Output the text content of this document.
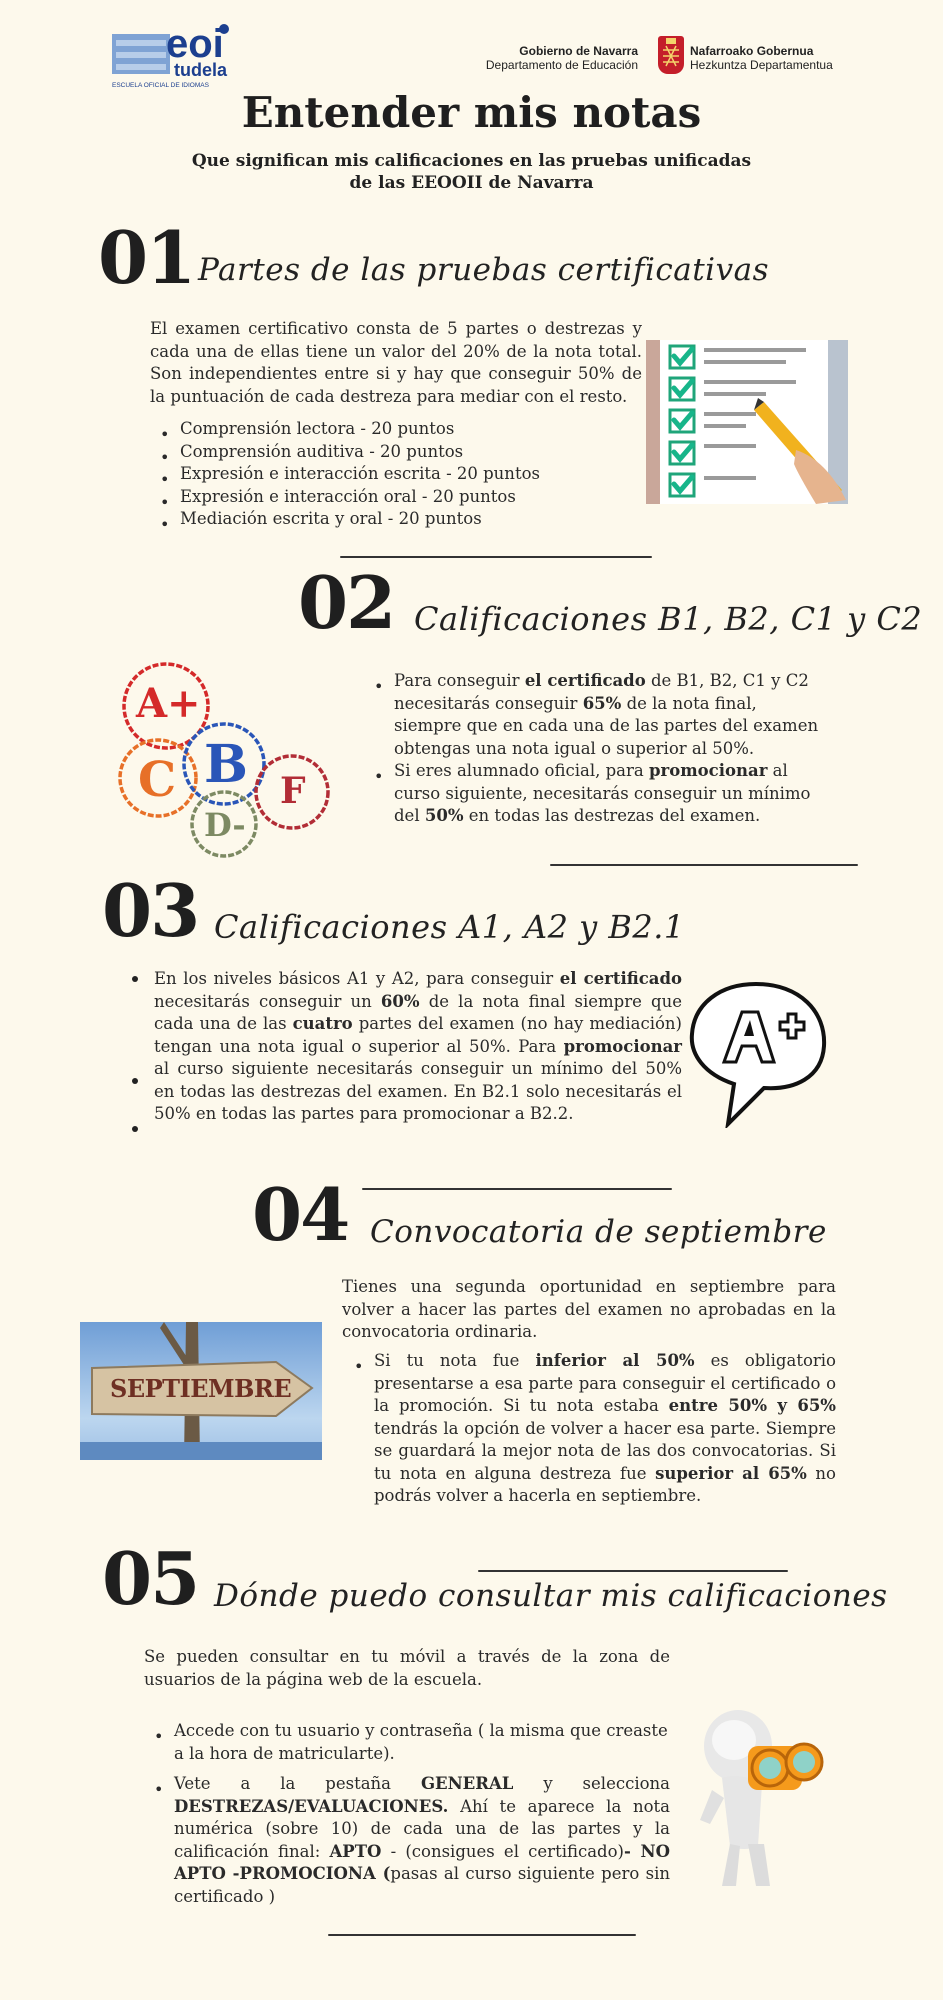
eoi
tudela
ESCUELA OFICIAL DE IDIOMAS
Gobierno de Navarra
Departamento de Educación
Nafarroako Gobernua
Hezkuntza Departamentua
Entender mis notas
Que significan mis calificaciones en las pruebas unificadas
de las EEOOII de Navarra
01 Partes de las pruebas certificativas
El examen certificativo consta de 5 partes o destrezas y cada una de ellas tiene un valor del 20% de la nota total. Son independientes entre si y hay que conseguir 50% de la puntuación de cada destreza para mediar con el resto.
• Comprensión lectora - 20 puntos
• Comprensión auditiva - 20 puntos
• Expresión e interacción escrita - 20 puntos
• Expresión e interacción oral - 20 puntos
• Mediación escrita y oral - 20 puntos
02 Calificaciones B1, B2, C1 y C2
A+
C B F
D-
• Para conseguir el certificado de B1, B2, C1 y C2
necesitarás conseguir 65% de la nota final,
siempre que en cada una de las partes del examen obtengas una nota igual o superior al 50%.
• Si eres alumnado oficial, para promocionar al curso siguiente, necesitarás conseguir un mínimo del 50% en todas las destrezas del examen.
03 Calificaciones A1, A2 y B2.1
En los niveles básicos A1 y A2, para conseguir el certificado necesitarás conseguir un 60% de la nota final siempre que cada una de las cuatro partes del examen (no hay mediación) tengan una nota igual o superior al 50%. Para promocionar al curso siguiente necesitarás conseguir un mínimo del 50% en todas las destrezas del examen. En B2.1 solo necesitarás el 50% en todas las partes para promocionar a B2.2.
04 Convocatoria de septiembre
Tienes una segunda oportunidad en septiembre para volver a hacer las partes del examen no aprobadas en la convocatoria ordinaria.
• Si tu nota fue inferior al 50% es obligatorio presentarse a esa parte para conseguir el certificado o la promoción. Si tu nota estaba entre 50% y 65% tendrás la opción de volver a hacer esa parte. Siempre se guardará la mejor nota de las dos convocatorias. Si tu nota en alguna destreza fue superior al 65% no podrás volver a hacerla en septiembre.
SEPTIEMBRE
05 Dónde puedo consultar mis calificaciones
Se pueden consultar en tu móvil a través de la zona de usuarios de la página web de la escuela.
• Accede con tu usuario y contraseña ( la misma que creaste a la hora de matricularte).
• Vete a la pestaña GENERAL y selecciona DESTREZAS/EVALUACIONES. Ahí te aparece la nota numérica (sobre 10) de cada una de las partes y la calificación final: APTO - (consigues el certificado)- NO APTO -PROMOCIONA (pasas al curso siguiente pero sin certificado )
